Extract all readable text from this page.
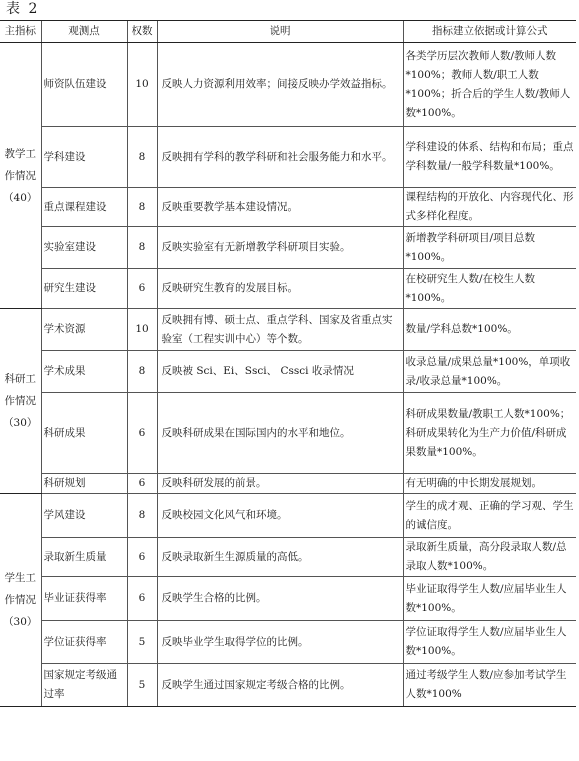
表 2
主指标	观测点	权数	说明	指标建立依据或计算公式
教学工作情况（40）	师资队伍建设	10	反映人力资源利用效率；间接反映办学效益指标。	各类学历层次教师人数/教师人数*100%；教师人数/职工人数*100%；折合后的学生人数/教师人数*100%。
	学科建设	8	反映拥有学科的教学科研和社会服务能力和水平。	学科建设的体系、结构和布局；重点学科数量/一般学科数量*100%。
	重点课程建设	8	反映重要教学基本建设情况。	课程结构的开放化、内容现代化、形式多样化程度。
	实验室建设	8	反映实验室有无新增教学科研项目实验。	新增教学科研项目/项目总数*100%。
	研究生建设	6	反映研究生教育的发展目标。	在校研究生人数/在校生人数*100%。
科研工作情况（30）	学术资源	10	反映拥有博、硕士点、重点学科、国家及省重点实验室（工程实训中心）等个数。	数量/学科总数*100%。
	学术成果	8	反映被 Sci、Ei、Ssci、 Cssci 收录情况	收录总量/成果总量*100%，单项收录/收录总量*100%。
	科研成果	6	反映科研成果在国际国内的水平和地位。	科研成果数量/教职工人数*100%；科研成果转化为生产力价值/科研成果数量*100%。
	科研规划	6	反映科研发展的前景。	有无明确的中长期发展规划。
学生工作情况（30）	学风建设	8	反映校园文化风气和环境。	学生的成才观、正确的学习观、学生的诚信度。
	录取新生质量	6	反映录取新生生源质量的高低。	录取新生质量，高分段录取人数/总录取人数*100%。
	毕业证获得率	6	反映学生合格的比例。	毕业证取得学生人数/应届毕业生人数*100%。
	学位证获得率	5	反映毕业学生取得学位的比例。	学位证取得学生人数/应届毕业生人数*100%。
	国家规定考级通过率	5	反映学生通过国家规定考级合格的比例。	通过考级学生人数/应参加考试学生人数*100%
